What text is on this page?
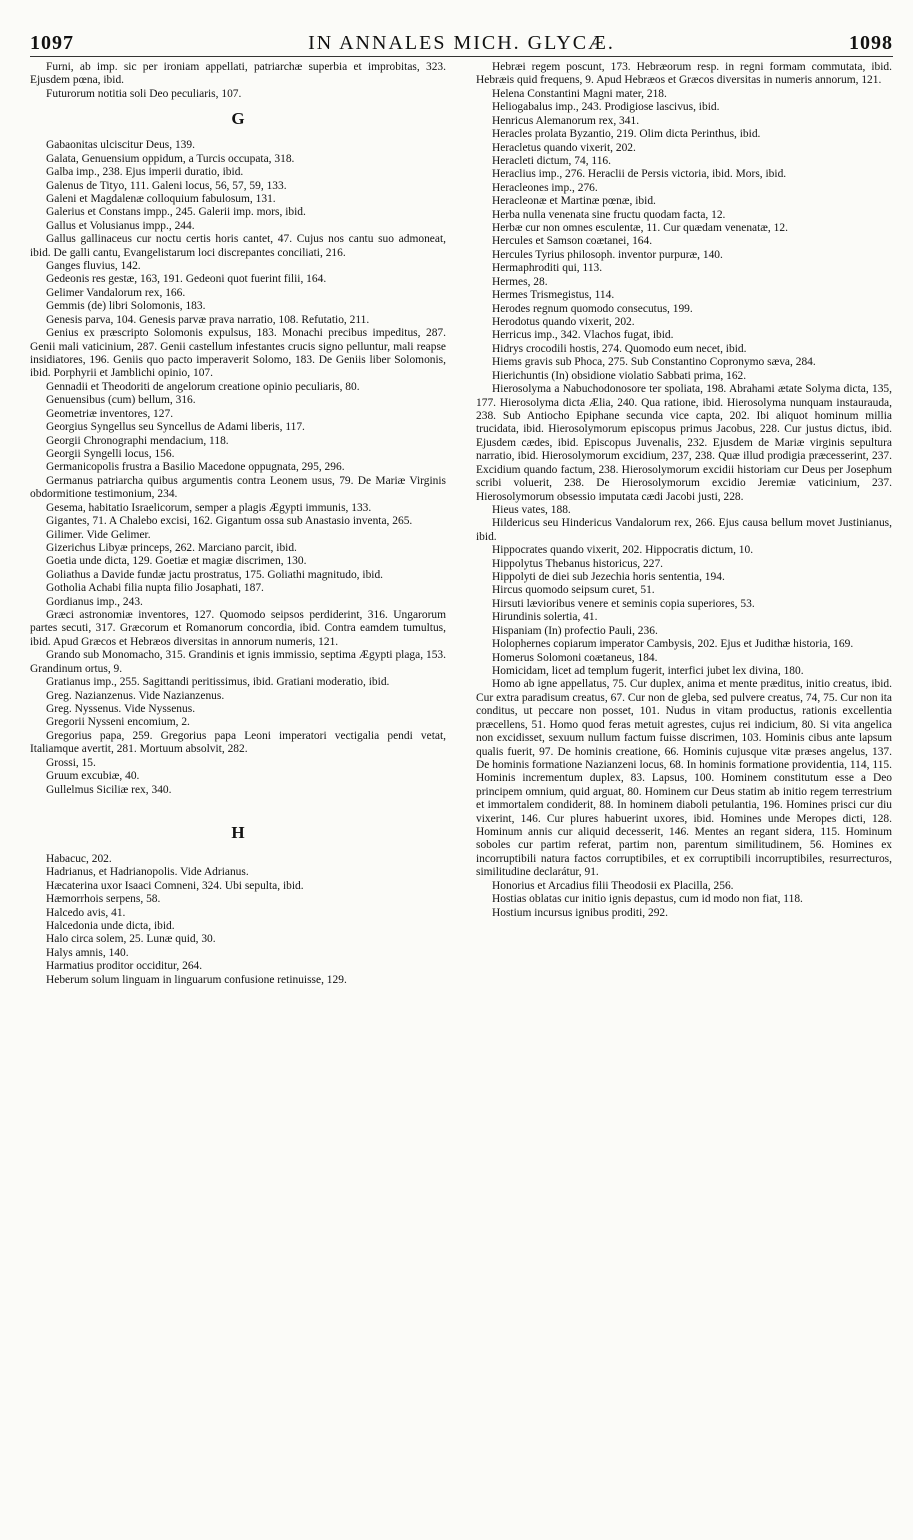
1097	IN ANNALES MICH. GLYCÆ.	1098

Furni, ab imp. sic per ironiam appellati, patriarchæ superbia et improbitas, 323. Ejusdem pœna, ibid.

Futurorum notitia soli Deo peculiaris, 107.

G

Gabaonitas ulciscitur Deus, 139.

Galata, Genuensium oppidum, a Turcis occupata, 318.

Galba imp., 238. Ejus imperii duratio, ibid.

Galenus de Tityo, 111. Galeni locus, 56, 57, 59, 133.

Galeni et Magdalenæ colloquium fabulosum, 131.

Galerius et Constans impp., 245. Galerii imp. mors, ibid.

Gallus et Volusianus impp., 244.

Gallus gallinaceus cur noctu certis horis cantet, 47. Cujus nos cantu suo admoneat, ibid. De galli cantu, Evangelistarum loci discrepantes conciliati, 216.

Ganges fluvius, 142.

Gedeonis res gestæ, 163, 191. Gedeoni quot fuerint filii, 164.

Gelimer Vandalorum rex, 166.

Gemmis (de) libri Solomonis, 183.

Genesis parva, 104. Genesis parvæ prava narratio, 108. Refutatio, 211.

Genius ex præscripto Solomonis expulsus, 183. Monachi precibus impeditus, 287. Genii mali vaticinium, 287. Genii castellum infestantes crucis signo pelluntur, mali reapse insidiatores, 196. Geniis quo pacto imperaverit Solomo, 183. De Geniis liber Solomonis, ibid. Porphyrii et Jamblichi opinio, 107.

Gennadii et Theodoriti de angelorum creatione opinio peculiaris, 80.

Genuensibus (cum) bellum, 316.

Geometriæ inventores, 127.

Georgius Syngellus seu Syncellus de Adami liberis, 117.

Georgii Chronographi mendacium, 118.

Georgii Syngelli locus, 156.

Germanicopolis frustra a Basilio Macedone oppugnata, 295, 296.

Germanus patriarcha quibus argumentis contra Leonem usus, 79. De Mariæ Virginis obdormitione testimonium, 234.

Gesema, habitatio Israelicorum, semper a plagis Ægypti immunis, 133.

Gigantes, 71. A Chalebo excisi, 162. Gigantum ossa sub Anastasio inventa, 265.

Gilimer. Vide Gelimer.

Gizerichus Libyæ princeps, 262. Marciano parcit, ibid.

Goetia unde dicta, 129. Goetiæ et magiæ discrimen, 130.

Goliathus a Davide fundæ jactu prostratus, 175. Goliathi magnitudo, ibid.

Gotholia Achabi filia nupta filio Josaphati, 187.

Gordianus imp., 243.

Græci astronomiæ inventores, 127. Quomodo seipsos perdiderint, 316. Ungarorum partes secuti, 317. Græcorum et Romanorum concordia, ibid. Contra eamdem tumultus, ibid. Apud Græcos et Hebræos diversitas in annorum numeris, 121.

Grando sub Monomacho, 315. Grandinis et ignis immissio, septima Ægypti plaga, 153. Grandinum ortus, 9.

Gratianus imp., 255. Sagittandi peritissimus, ibid. Gratiani moderatio, ibid.

Greg. Nazianzenus. Vide Nazianzenus.

Greg. Nyssenus. Vide Nyssenus.

Gregorii Nysseni encomium, 2.

Gregorius papa, 259. Gregorius papa Leoni imperatori vectigalia pendi vetat, Italiamque avertit, 281. Mortuum absolvit, 282.

Grossi, 15.

Gruum excubiæ, 40.

Gullelmus Siciliæ rex, 340.

H

Habacuc, 202.

Hadrianus, et Hadrianopolis. Vide Adrianus.

Hæcaterina uxor Isaaci Comneni, 324. Ubi sepulta, ibid.

Hæmorrhois serpens, 58.

Halcedo avis, 41.

Halcedonia unde dicta, ibid.

Halo circa solem, 25. Lunæ quid, 30.

Halys amnis, 140.

Harmatius proditor occiditur, 264.

Heberum solum linguam in linguarum confusione retinuisse, 129.

Hebræi regem poscunt, 173. Hebræorum resp. in regni formam commutata, ibid. Hebræis quid frequens, 9. Apud Hebræos et Græcos diversitas in numeris annorum, 121.

Helena Constantini Magni mater, 218.

Heliogabalus imp., 243. Prodigiose lascivus, ibid.

Henricus Alemanorum rex, 341.

Heracles prolata Byzantio, 219. Olim dicta Perinthus, ibid.

Heracletus quando vixerit, 202.

Heracleti dictum, 74, 116.

Heraclius imp., 276. Heraclii de Persis victoria, ibid. Mors, ibid.

Heracleones imp., 276.

Heracleonæ et Martinæ pœnæ, ibid.

Herba nulla venenata sine fructu quodam facta, 12.

Herbæ cur non omnes esculentæ, 11. Cur quædam venenatæ, 12.

Hercules et Samson coætanei, 164.

Hercules Tyrius philosoph. inventor purpuræ, 140.

Hermaphroditi qui, 113.

Hermes, 28.

Hermes Trismegistus, 114.

Herodes regnum quomodo consecutus, 199.

Herodotus quando vixerit, 202.

Herricus imp., 342. Vlachos fugat, ibid.

Hidrys crocodili hostis, 274. Quomodo eum necet, ibid.

Hiems gravis sub Phoca, 275. Sub Constantino Copronymo sæva, 284.

Hierichuntis (In) obsidione violatio Sabbati prima, 162.

Hierosolyma a Nabuchodonosore ter spoliata, 198. Abrahami ætate Solyma dicta, 135, 177. Hierosolyma dicta Ælia, 240. Qua ratione, ibid. Hierosolyma nunquam instaurauda, 238. Sub Antiocho Epiphane secunda vice capta, 202. Ibi aliquot hominum millia trucidata, ibid. Hierosolymorum episcopus primus Jacobus, 228. Cur justus dictus, ibid. Ejusdem cædes, ibid. Episcopus Juvenalis, 232. Ejusdem de Mariæ virginis sepultura narratio, ibid. Hierosolymorum excidium, 237, 238. Quæ illud prodigia præcesserint, 237. Excidium quando factum, 238. Hierosolymorum excidii historiam cur Deus per Josephum scribi voluerit, 238. De Hierosolymorum excidio Jeremiæ vaticinium, 237. Hierosolymorum obsessio imputata cædi Jacobi justi, 228.

Hieus vates, 188.

Hildericus seu Hindericus Vandalorum rex, 266. Ejus causa bellum movet Justinianus, ibid.

Hippocrates quando vixerit, 202. Hippocratis dictum, 10.

Hippolytus Thebanus historicus, 227.

Hippolyti de diei sub Jezechia horis sententia, 194.

Hircus quomodo seipsum curet, 51.

Hirsuti lævioribus venere et seminis copia superiores, 53.

Hirundinis solertia, 41.

Hispaniam (In) profectio Pauli, 236.

Holophernes copiarum imperator Cambysis, 202. Ejus et Judithæ historia, 169.

Homerus Solomoni coætaneus, 184.

Homicidam, licet ad templum fugerit, interfici jubet lex divina, 180.

Homo ab igne appellatus, 75. Cur duplex, anima et mente præditus, initio creatus, ibid. Cur extra paradisum creatus, 67. Cur non de gleba, sed pulvere creatus, 74, 75. Cur non ita conditus, ut peccare non posset, 101. Nudus in vitam productus, rationis excellentia præcellens, 51. Homo quod feras metuit agrestes, cujus rei indicium, 80. Si vita angelica non excidisset, sexuum nullum factum fuisse discrimen, 103. Hominis cibus ante lapsum qualis fuerit, 97. De hominis creatione, 66. Hominis cujusque vitæ præses angelus, 137. De hominis formatione Nazianzeni locus, 68. In hominis formatione providentia, 114, 115. Hominis incrementum duplex, 83. Lapsus, 100. Hominem constitutum esse a Deo principem omnium, quid arguat, 80. Hominem cur Deus statim ab initio regem terrestrium et immortalem condiderit, 88. In hominem diaboli petulantia, 196. Homines prisci cur diu vixerint, 146. Cur plures habuerint uxores, ibid. Homines unde Meropes dicti, 128. Hominum annis cur aliquid decesserit, 146. Mentes an regant sidera, 115. Hominum soboles cur partim referat, partim non, parentum similitudinem, 56. Homines ex incorruptibili natura factos corruptibiles, et ex corruptibili incorruptibiles, resurrecturos, similitudine declarátur, 91.

Honorius et Arcadius filii Theodosii ex Placilla, 256.

Hostias oblatas cur initio ignis depastus, cum id modo non fiat, 118.

Hostium incursus ignibus proditi, 292.
